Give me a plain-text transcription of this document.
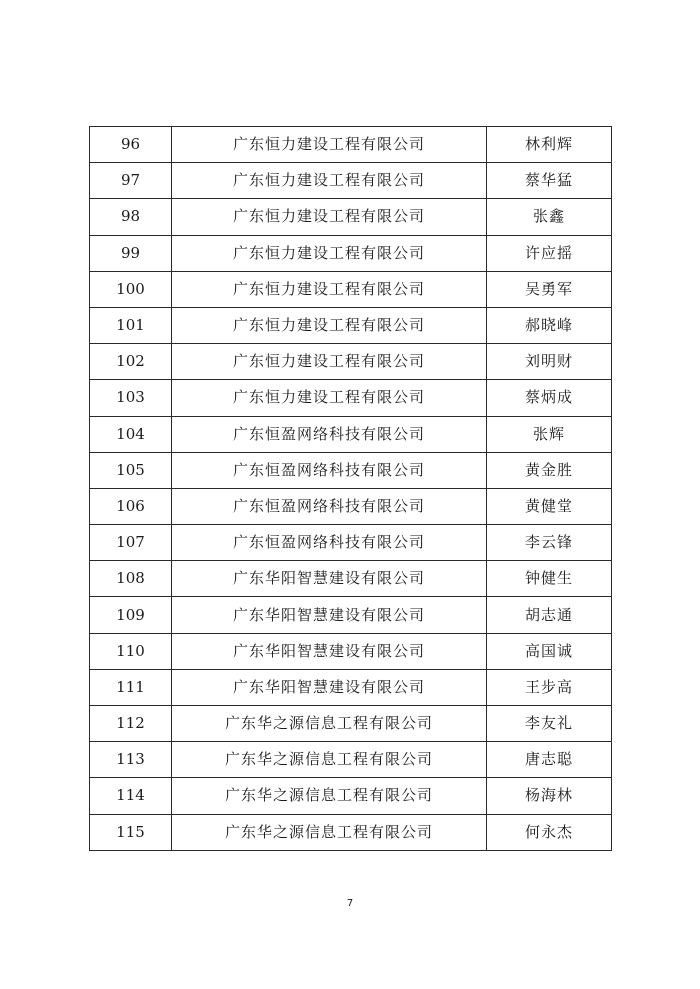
96	广东恒力建设工程有限公司	林利辉
97	广东恒力建设工程有限公司	蔡华猛
98	广东恒力建设工程有限公司	张鑫
99	广东恒力建设工程有限公司	许应摇
100	广东恒力建设工程有限公司	吴勇军
101	广东恒力建设工程有限公司	郝晓峰
102	广东恒力建设工程有限公司	刘明财
103	广东恒力建设工程有限公司	蔡炳成
104	广东恒盈网络科技有限公司	张辉
105	广东恒盈网络科技有限公司	黄金胜
106	广东恒盈网络科技有限公司	黄健堂
107	广东恒盈网络科技有限公司	李云锋
108	广东华阳智慧建设有限公司	钟健生
109	广东华阳智慧建设有限公司	胡志通
110	广东华阳智慧建设有限公司	高国诚
111	广东华阳智慧建设有限公司	王步高
112	广东华之源信息工程有限公司	李友礼
113	广东华之源信息工程有限公司	唐志聪
114	广东华之源信息工程有限公司	杨海林
115	广东华之源信息工程有限公司	何永杰
7
